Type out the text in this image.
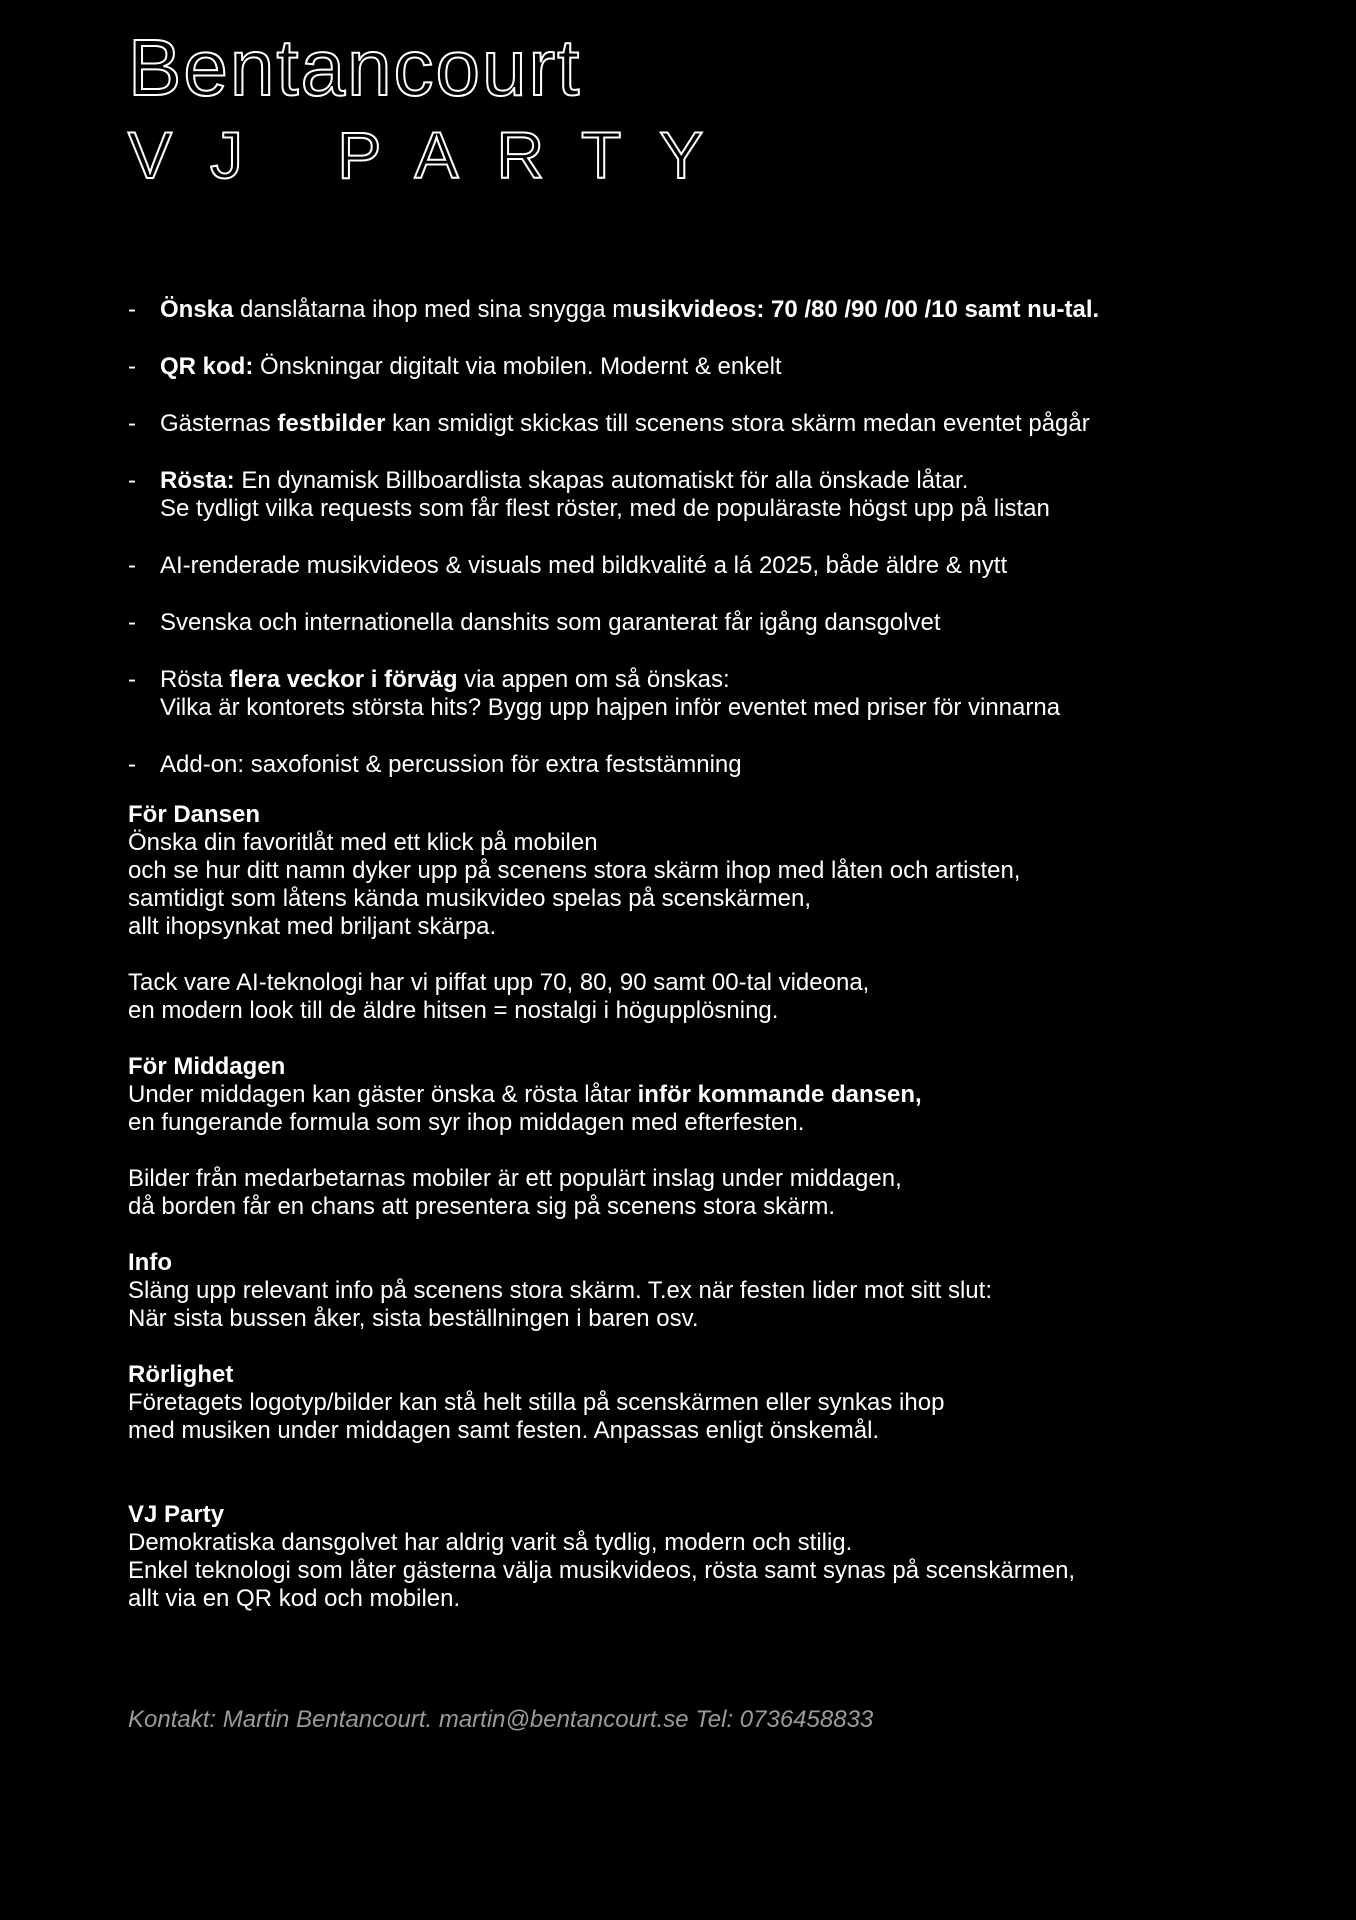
Bentancourt
VJ PARTY
- Önska danslåtarna ihop med sina snygga musikvideos: 70 /80 /90 /00 /10 samt nu-tal.
- QR kod: Önskningar digitalt via mobilen. Modernt & enkelt
- Gästernas festbilder kan smidigt skickas till scenens stora skärm medan eventet pågår
- Rösta: En dynamisk Billboardlista skapas automatiskt för alla önskade låtar.
Se tydligt vilka requests som får flest röster, med de populäraste högst upp på listan
- AI-renderade musikvideos & visuals med bildkvalité a lá 2025, både äldre & nytt
- Svenska och internationella danshits som garanterat får igång dansgolvet
- Rösta flera veckor i förväg via appen om så önskas:
Vilka är kontorets största hits? Bygg upp hajpen inför eventet med priser för vinnarna
- Add-on: saxofonist & percussion för extra feststämning

För Dansen

Önska din favoritlåt med ett klick på mobilen

och se hur ditt namn dyker upp på scenens stora skärm ihop med låten och artisten,

samtidigt som låtens kända musikvideo spelas på scenskärmen,

allt ihopsynkat med briljant skärpa.

Tack vare AI-teknologi har vi piffat upp 70, 80, 90 samt 00-tal videona,

en modern look till de äldre hitsen = nostalgi i högupplösning.

För Middagen

Under middagen kan gäster önska & rösta låtar inför kommande dansen,

en fungerande formula som syr ihop middagen med efterfesten.

Bilder från medarbetarnas mobiler är ett populärt inslag under middagen,

då borden får en chans att presentera sig på scenens stora skärm.

Info

Släng upp relevant info på scenens stora skärm. T.ex när festen lider mot sitt slut:

När sista bussen åker, sista beställningen i baren osv.

Rörlighet

Företagets logotyp/bilder kan stå helt stilla på scenskärmen eller synkas ihop

med musiken under middagen samt festen. Anpassas enligt önskemål.

VJ Party

Demokratiska dansgolvet har aldrig varit så tydlig, modern och stilig.

Enkel teknologi som låter gästerna välja musikvideos, rösta samt synas på scenskärmen,

allt via en QR kod och mobilen.

Kontakt: Martin Bentancourt. martin@bentancourt.se Tel: 0736458833
